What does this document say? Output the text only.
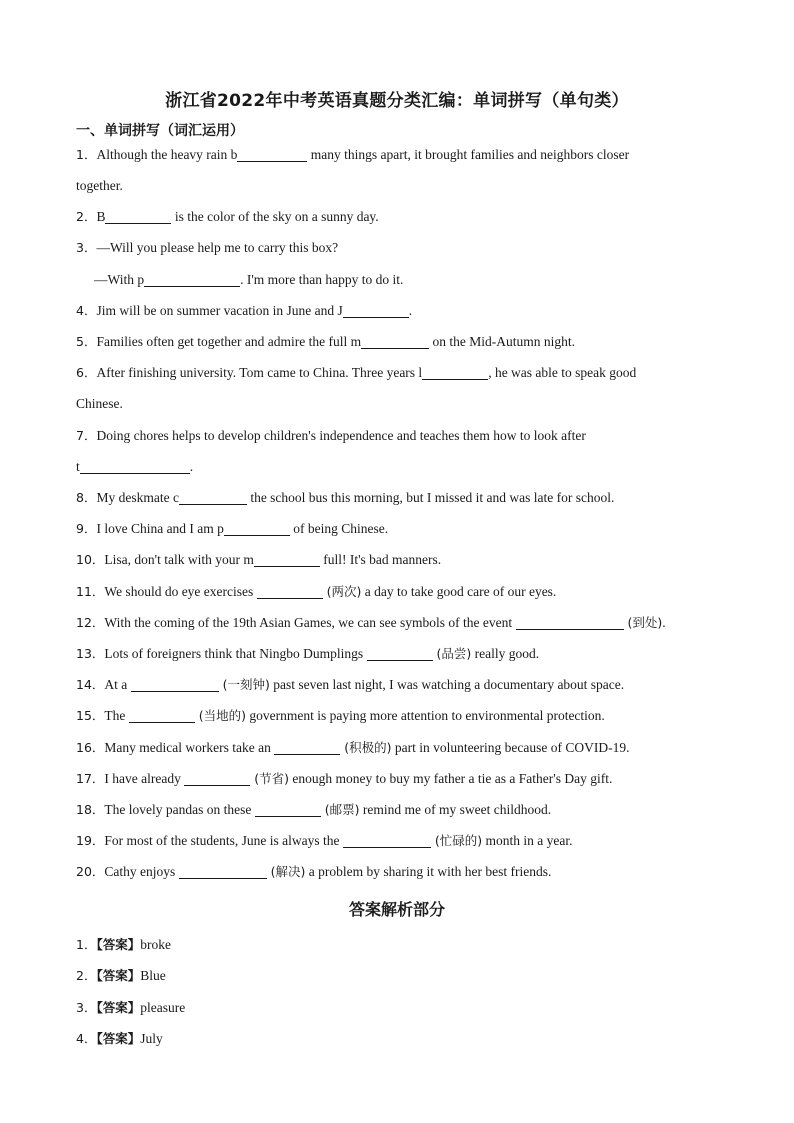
浙江省2022年中考英语真题分类汇编：单词拼写（单句类）
一、单词拼写（词汇运用）
1．Although the heavy rain b	many things apart, it brought families and neighbors closer
together.
2．B	is the color of the sky on a sunny day.
3．—Will you please help me to carry this box?
—With p	. I'm more than happy to do it.
4．Jim will be on summer vacation in June and J	.
5．Families often get together and admire the full m	on the Mid-Autumn night.
6．After finishing university. Tom came to China. Three years l	, he was able to speak good
Chinese.
7．Doing chores helps to develop children's independence and teaches them how to look after
t	.
8．My deskmate c	the school bus this morning, but I missed it and was late for school.
9．I love China and I am p	of being Chinese.
10．Lisa, don't talk with your m	full! It's bad manners.
11．We should do eye exercises	(两次) a day to take good care of our eyes.
12．With the coming of the 19th Asian Games, we can see symbols of the event	(到处).
13．Lots of foreigners think that Ningbo Dumplings	(品尝) really good.
14．At a	(一刻钟) past seven last night, I was watching a documentary about space.
15．The	(当地的) government is paying more attention to environmental protection.
16．Many medical workers take an	(积极的) part in volunteering because of COVID-19.
17．I have already	(节省) enough money to buy my father a tie as a Father's Day gift.
18．The lovely pandas on these	(邮票) remind me of my sweet childhood.
19．For most of the students, June is always the	(忙碌的) month in a year.
20．Cathy enjoys	(解决) a problem by sharing it with her best friends.
答案解析部分
1．【答案】broke
2．【答案】Blue
3．【答案】pleasure
4．【答案】July
